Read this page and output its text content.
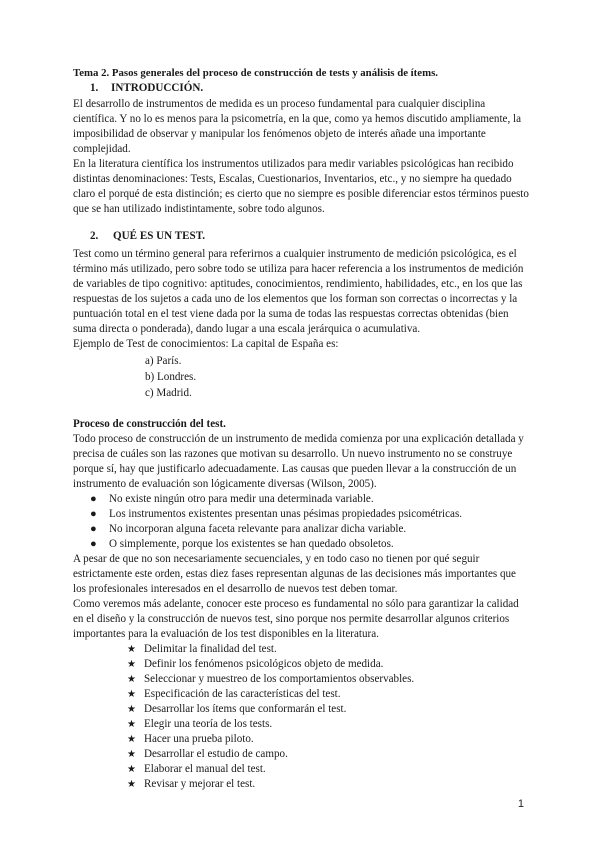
Tema 2. Pasos generales del proceso de construcción de tests y análisis de ítems.

1. INTRODUCCIÓN.

El desarrollo de instrumentos de medida es un proceso fundamental para cualquier disciplina científica. Y no lo es menos para la psicometría, en la que, como ya hemos discutido ampliamente, la imposibilidad de observar y manipular los fenómenos objeto de interés añade una importante complejidad.

En la literatura científica los instrumentos utilizados para medir variables psicológicas han recibido distintas denominaciones: Tests, Escalas, Cuestionarios, Inventarios, etc., y no siempre ha quedado claro el porqué de esta distinción; es cierto que no siempre es posible diferenciar estos términos puesto que se han utilizado indistintamente, sobre todo algunos.

2. QUÉ ES UN TEST.

Test como un término general para referirnos a cualquier instrumento de medición psicológica, es el término más utilizado, pero sobre todo se utiliza para hacer referencia a los instrumentos de medición de variables de tipo cognitivo: aptitudes, conocimientos, rendimiento, habilidades, etc., en los que las respuestas de los sujetos a cada uno de los elementos que los forman son correctas o incorrectas y la puntuación total en el test viene dada por la suma de todas las respuestas correctas obtenidas (bien suma directa o ponderada), dando lugar a una escala jerárquica o acumulativa.

Ejemplo de Test de conocimientos: La capital de España es:

a) París.
b) Londres.
c) Madrid.

Proceso de construcción del test.

Todo proceso de construcción de un instrumento de medida comienza por una explicación detallada y precisa de cuáles son las razones que motivan su desarrollo. Un nuevo instrumento no se construye porque sí, hay que justificarlo adecuadamente. Las causas que pueden llevar a la construcción de un instrumento de evaluación son lógicamente diversas (Wilson, 2005).

● No existe ningún otro para medir una determinada variable.
● Los instrumentos existentes presentan unas pésimas propiedades psicométricas.
● No incorporan alguna faceta relevante para analizar dicha variable.
● O simplemente, porque los existentes se han quedado obsoletos.

A pesar de que no son necesariamente secuenciales, y en todo caso no tienen por qué seguir estrictamente este orden, estas diez fases representan algunas de las decisiones más importantes que los profesionales interesados en el desarrollo de nuevos test deben tomar.

Como veremos más adelante, conocer este proceso es fundamental no sólo para garantizar la calidad en el diseño y la construcción de nuevos test, sino porque nos permite desarrollar algunos criterios importantes para la evaluación de los test disponibles en la literatura.

★ Delimitar la finalidad del test.
★ Definir los fenómenos psicológicos objeto de medida.
★ Seleccionar y muestreo de los comportamientos observables.
★ Especificación de las características del test.
★ Desarrollar los ítems que conformarán el test.
★ Elegir una teoría de los tests.
★ Hacer una prueba piloto.
★ Desarrollar el estudio de campo.
★ Elaborar el manual del test.
★ Revisar y mejorar el test.
1
